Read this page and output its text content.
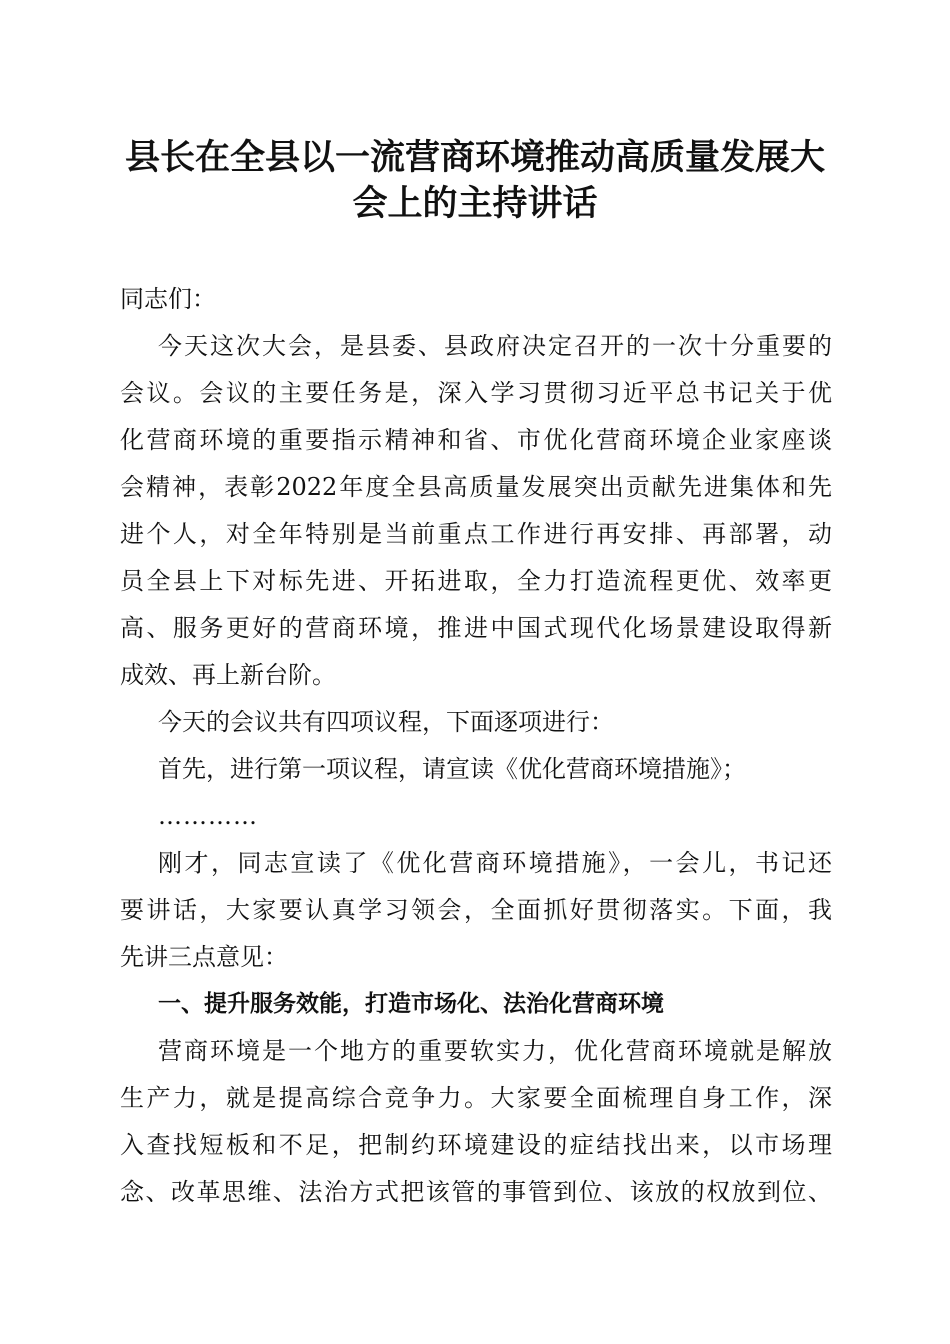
县长在全县以一流营商环境推动高质量发展大
会上的主持讲话
同志们：
今天这次大会，是县委、县政府决定召开的一次十分重要的
会议。会议的主要任务是，深入学习贯彻习近平总书记关于优
化营商环境的重要指示精神和省、市优化营商环境企业家座谈
会精神，表彰2022年度全县高质量发展突出贡献先进集体和先
进个人，对全年特别是当前重点工作进行再安排、再部署，动
员全县上下对标先进、开拓进取，全力打造流程更优、效率更
高、服务更好的营商环境，推进中国式现代化场景建设取得新
成效、再上新台阶。
今天的会议共有四项议程，下面逐项进行：
首先，进行第一项议程，请宣读《优化营商环境措施》；
…………
刚才，同志宣读了《优化营商环境措施》，一会儿，书记还
要讲话，大家要认真学习领会，全面抓好贯彻落实。下面，我
先讲三点意见：
一、提升服务效能，打造市场化、法治化营商环境
营商环境是一个地方的重要软实力，优化营商环境就是解放
生产力，就是提高综合竞争力。大家要全面梳理自身工作，深
入查找短板和不足，把制约环境建设的症结找出来，以市场理
念、改革思维、法治方式把该管的事管到位、该放的权放到位、
